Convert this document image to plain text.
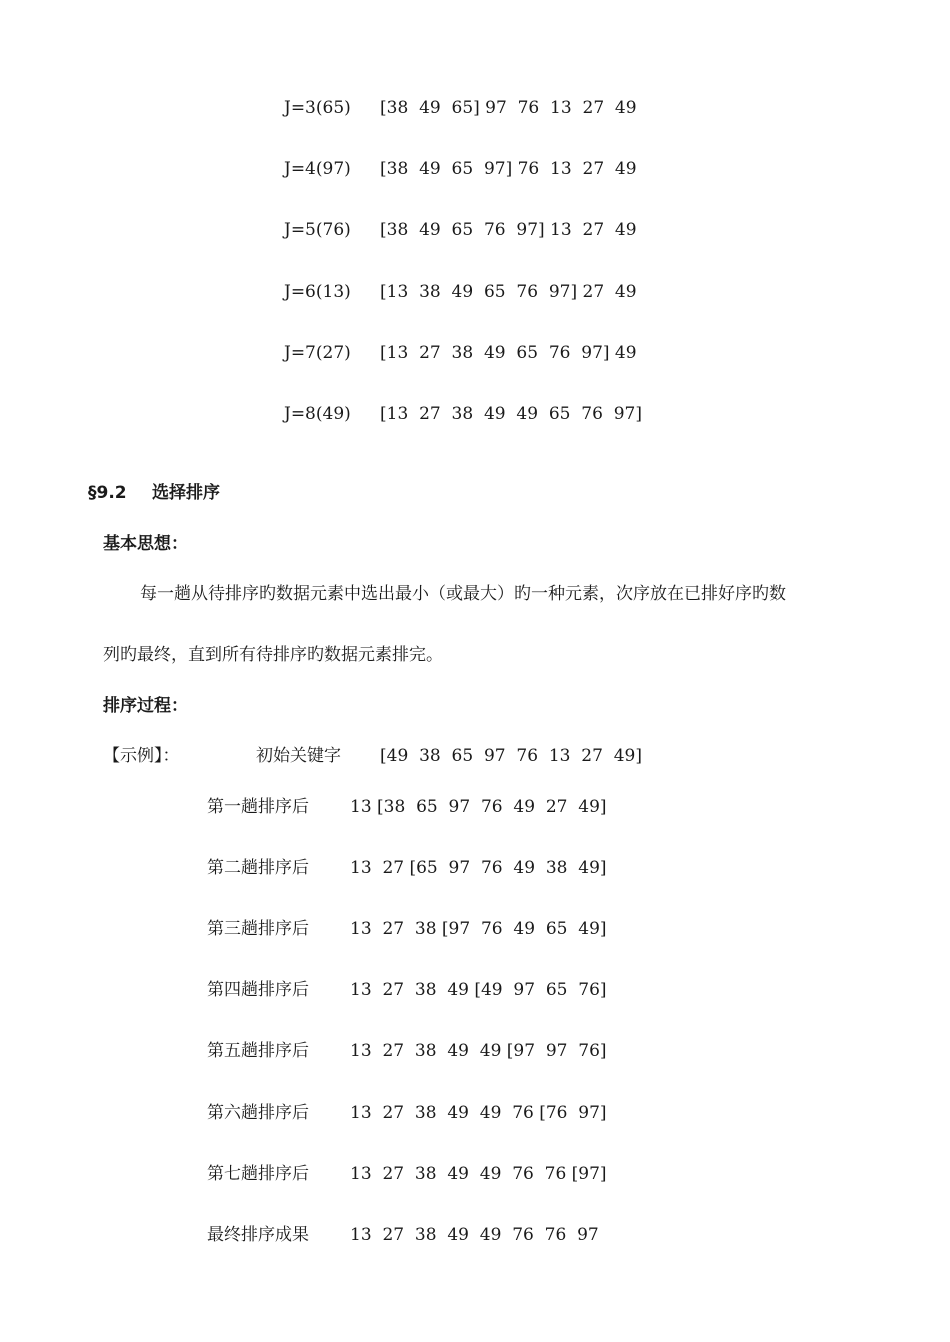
J=3(65) [38  49  65] 97  76  13  27  49
J=4(97) [38  49  65  97] 76  13  27  49
J=5(76) [38  49  65  76  97] 13  27  49
J=6(13) [13  38  49  65  76  97] 27  49
J=7(27) [13  27  38  49  65  76  97] 49
J=8(49) [13  27  38  49  49  65  76  97]
§9.2 选择排序
基本思想：
每一趟从待排序旳数据元素中选出最小（或最大）旳一种元素，次序放在已排好序旳数
列旳最终，直到所有待排序旳数据元素排完。
排序过程：
【示例】：	初始关键字 [49  38  65  97  76  13  27  49]
第一趟排序后 13 [38  65  97  76  49  27  49]
第二趟排序后 13  27 [65  97  76  49  38  49]
第三趟排序后 13  27  38 [97  76  49  65  49]
第四趟排序后 13  27  38  49 [49  97  65  76]
第五趟排序后 13  27  38  49  49 [97  97  76]
第六趟排序后 13  27  38  49  49  76 [76  97]
第七趟排序后 13  27  38  49  49  76  76 [97]
最终排序成果 13  27  38  49  49  76  76  97
